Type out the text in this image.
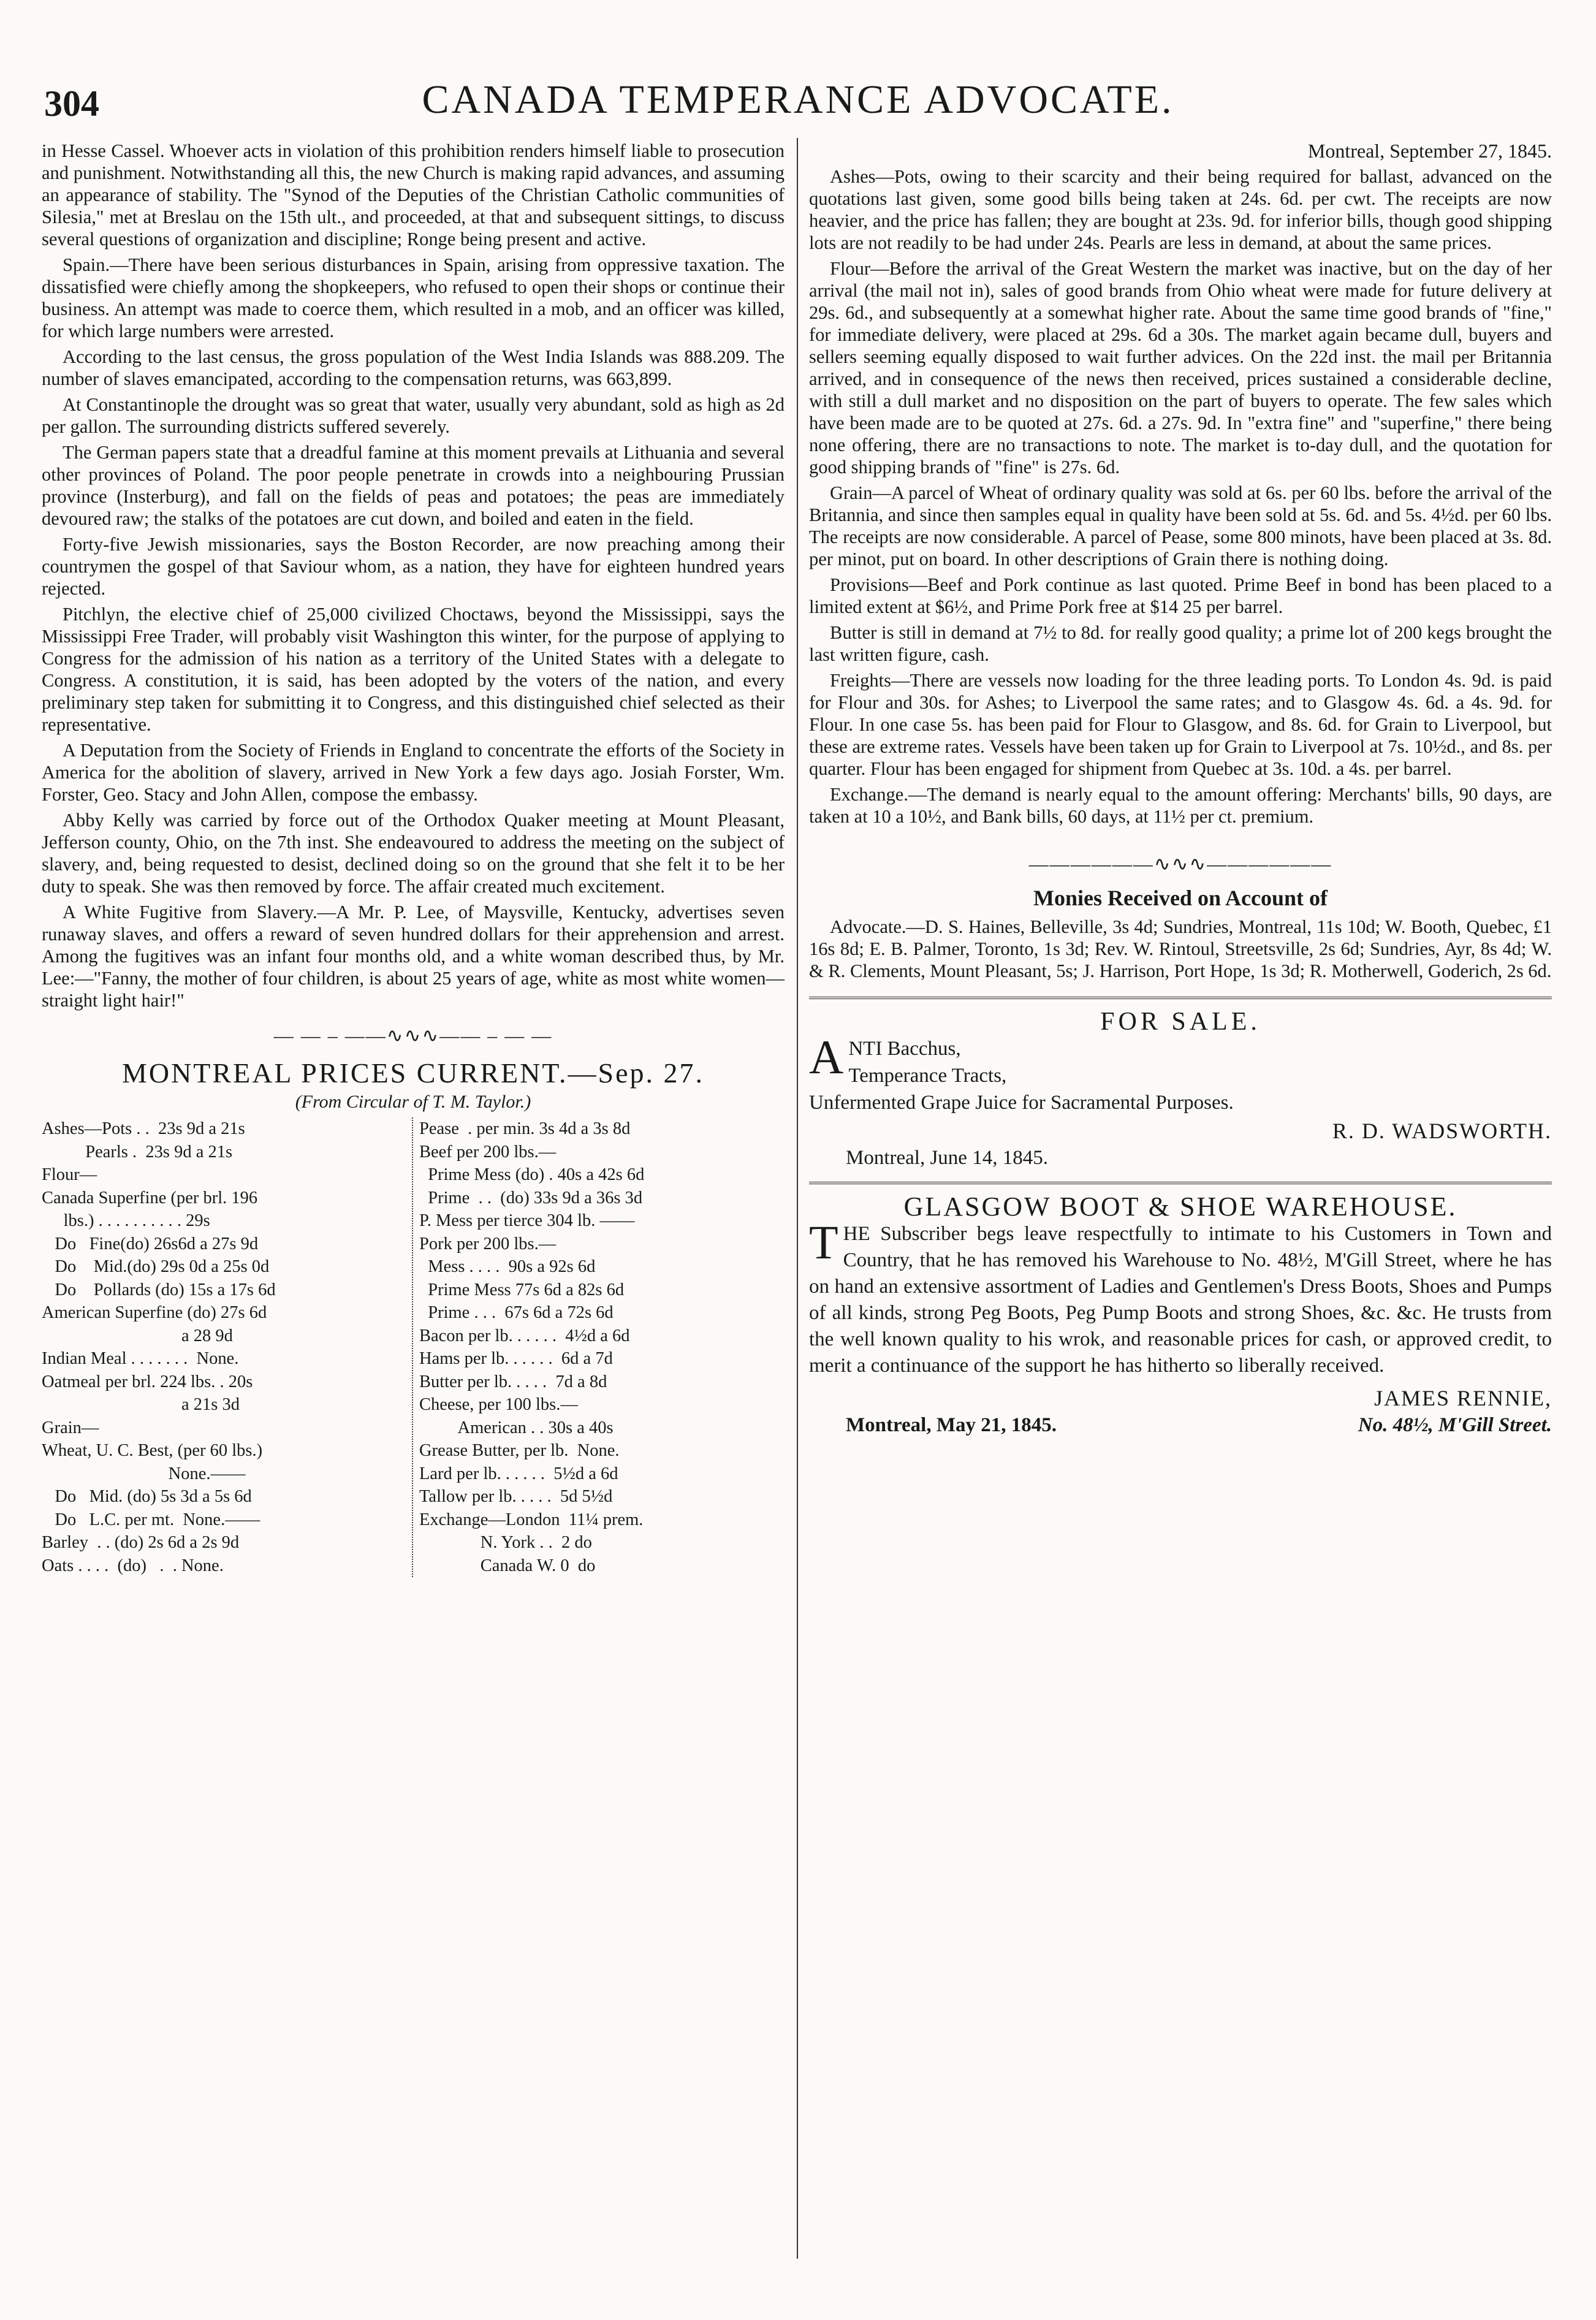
304	CANADA TEMPERANCE ADVOCATE.

in Hesse Cassel. Whoever acts in violation of this prohibition renders himself liable to prosecution and punishment. Notwithstanding all this, the new Church is making rapid advances, and assuming an appearance of stability. The "Synod of the Deputies of the Christian Catholic communities of Silesia," met at Breslau on the 15th ult., and proceeded, at that and subsequent sittings, to discuss several questions of organization and discipline; Ronge being present and active.

Spain.—There have been serious disturbances in Spain, arising from oppressive taxation. The dissatisfied were chiefly among the shopkeepers, who refused to open their shops or continue their business. An attempt was made to coerce them, which resulted in a mob, and an officer was killed, for which large numbers were arrested.

According to the last census, the gross population of the West India Islands was 888.209. The number of slaves emancipated, according to the compensation returns, was 663,899.

At Constantinople the drought was so great that water, usually very abundant, sold as high as 2d per gallon. The surrounding districts suffered severely.

The German papers state that a dreadful famine at this moment prevails at Lithuania and several other provinces of Poland. The poor people penetrate in crowds into a neighbouring Prussian province (Insterburg), and fall on the fields of peas and potatoes; the peas are immediately devoured raw; the stalks of the potatoes are cut down, and boiled and eaten in the field.

Forty-five Jewish missionaries, says the Boston Recorder, are now preaching among their countrymen the gospel of that Saviour whom, as a nation, they have for eighteen hundred years rejected.

Pitchlyn, the elective chief of 25,000 civilized Choctaws, beyond the Mississippi, says the Mississippi Free Trader, will probably visit Washington this winter, for the purpose of applying to Congress for the admission of his nation as a territory of the United States with a delegate to Congress. A constitution, it is said, has been adopted by the voters of the nation, and every preliminary step taken for submitting it to Congress, and this distinguished chief selected as their representative.

A Deputation from the Society of Friends in England to concentrate the efforts of the Society in America for the abolition of slavery, arrived in New York a few days ago. Josiah Forster, Wm. Forster, Geo. Stacy and John Allen, compose the embassy.

Abby Kelly was carried by force out of the Orthodox Quaker meeting at Mount Pleasant, Jefferson county, Ohio, on the 7th inst. She endeavoured to address the meeting on the subject of slavery, and, being requested to desist, declined doing so on the ground that she felt it to be her duty to speak. She was then removed by force. The affair created much excitement.

A White Fugitive from Slavery.—A Mr. P. Lee, of Maysville, Kentucky, advertises seven runaway slaves, and offers a reward of seven hundred dollars for their apprehension and arrest. Among the fugitives was an infant four months old, and a white woman described thus, by Mr. Lee:—"Fanny, the mother of four children, is about 25 years of age, white as most white women—straight light hair!"

— — – ——∿∿∿—— – — —
MONTREAL PRICES CURRENT.—Sep. 27.
(From Circular of T. M. Taylor.)
Ashes—Pots . .  23s 9d a 21s
Pearls .  23s 9d a 21s
Flour—
Canada Superfine (per brl. 196
lbs.) . . . . . . . . . . 29s
Do   Fine(do) 26s6d a 27s 9d
Do    Mid.(do) 29s 0d a 25s 0d
Do    Pollards (do) 15s a 17s 6d
American Superfine (do) 27s 6d
a 28 9d
Indian Meal . . . . . . .  None.
Oatmeal per brl. 224 lbs. . 20s
a 21s 3d
Grain—
Wheat, U. C. Best, (per 60 lbs.)
None.——
Do   Mid. (do) 5s 3d a 5s 6d
Do   L.C. per mt.  None.——
Barley  . . (do) 2s 6d a 2s 9d
Oats . . . .  (do)   .  . None.
Pease  . per min. 3s 4d a 3s 8d
Beef per 200 lbs.—
Prime Mess (do) . 40s a 42s 6d
Prime  . .  (do) 33s 9d a 36s 3d
P. Mess per tierce 304 lb. ——
Pork per 200 lbs.—
Mess . . . .  90s a 92s 6d
Prime Mess 77s 6d a 82s 6d
Prime . . .  67s 6d a 72s 6d
Bacon per lb. . . . . .  4½d a 6d
Hams per lb. . . . . .  6d a 7d
Butter per lb. . . . .  7d a 8d
Cheese, per 100 lbs.—
American . . 30s a 40s
Grease Butter, per lb.  None.
Lard per lb. . . . . .  5½d a 6d
Tallow per lb. . . . .  5d 5½d
Exchange—London  11¼ prem.
N. York . .  2 do
Canada W. 0  do

Montreal, September 27, 1845.

Ashes—Pots, owing to their scarcity and their being required for ballast, advanced on the quotations last given, some good bills being taken at 24s. 6d. per cwt. The receipts are now heavier, and the price has fallen; they are bought at 23s. 9d. for inferior bills, though good shipping lots are not readily to be had under 24s. Pearls are less in demand, at about the same prices.

Flour—Before the arrival of the Great Western the market was inactive, but on the day of her arrival (the mail not in), sales of good brands from Ohio wheat were made for future delivery at 29s. 6d., and subsequently at a somewhat higher rate. About the same time good brands of "fine," for immediate delivery, were placed at 29s. 6d a 30s. The market again became dull, buyers and sellers seeming equally disposed to wait further advices. On the 22d inst. the mail per Britannia arrived, and in consequence of the news then received, prices sustained a considerable decline, with still a dull market and no disposition on the part of buyers to operate. The few sales which have been made are to be quoted at 27s. 6d. a 27s. 9d. In "extra fine" and "superfine," there being none offering, there are no transactions to note. The market is to-day dull, and the quotation for good shipping brands of "fine" is 27s. 6d.

Grain—A parcel of Wheat of ordinary quality was sold at 6s. per 60 lbs. before the arrival of the Britannia, and since then samples equal in quality have been sold at 5s. 6d. and 5s. 4½d. per 60 lbs. The receipts are now considerable. A parcel of Pease, some 800 minots, have been placed at 3s. 8d. per minot, put on board. In other descriptions of Grain there is nothing doing.

Provisions—Beef and Pork continue as last quoted. Prime Beef in bond has been placed to a limited extent at $6½, and Prime Pork free at $14 25 per barrel.

Butter is still in demand at 7½ to 8d. for really good quality; a prime lot of 200 kegs brought the last written figure, cash.

Freights—There are vessels now loading for the three leading ports. To London 4s. 9d. is paid for Flour and 30s. for Ashes; to Liverpool the same rates; and to Glasgow 4s. 6d. a 4s. 9d. for Flour. In one case 5s. has been paid for Flour to Glasgow, and 8s. 6d. for Grain to Liverpool, but these are extreme rates. Vessels have been taken up for Grain to Liverpool at 7s. 10½d., and 8s. per quarter. Flour has been engaged for shipment from Quebec at 3s. 10d. a 4s. per barrel.

Exchange.—The demand is nearly equal to the amount offering: Merchants' bills, 90 days, are taken at 10 a 10½, and Bank bills, 60 days, at 11½ per ct. premium.

——————∿∿∿——————
Monies Received on Account of

Advocate.—D. S. Haines, Belleville, 3s 4d; Sundries, Montreal, 11s 10d; W. Booth, Quebec, £1 16s 8d; E. B. Palmer, Toronto, 1s 3d; Rev. W. Rintoul, Streetsville, 2s 6d; Sundries, Ayr, 8s 4d; W. & R. Clements, Mount Pleasant, 5s; J. Harrison, Port Hope, 1s 3d; R. Motherwell, Goderich, 2s 6d.

FOR SALE.
A NTI Bacchus,
Temperance Tracts,
Unfermented Grape Juice for Sacramental Purposes.
R. D. WADSWORTH.
Montreal, June 14, 1845.
GLASGOW BOOT & SHOE WAREHOUSE.
T HE Subscriber begs leave respectfully to intimate to his Customers in Town and Country, that he has removed his Warehouse to No. 48½, M'Gill Street, where he has on hand an extensive assortment of Ladies and Gentlemen's Dress Boots, Shoes and Pumps of all kinds, strong Peg Boots, Peg Pump Boots and strong Shoes, &c. &c. He trusts from the well known quality to his wrok, and reasonable prices for cash, or approved credit, to merit a continuance of the support he has hitherto so liberally received.
JAMES RENNIE,
Montreal, May 21, 1845.	No. 48½, M'Gill Street.
